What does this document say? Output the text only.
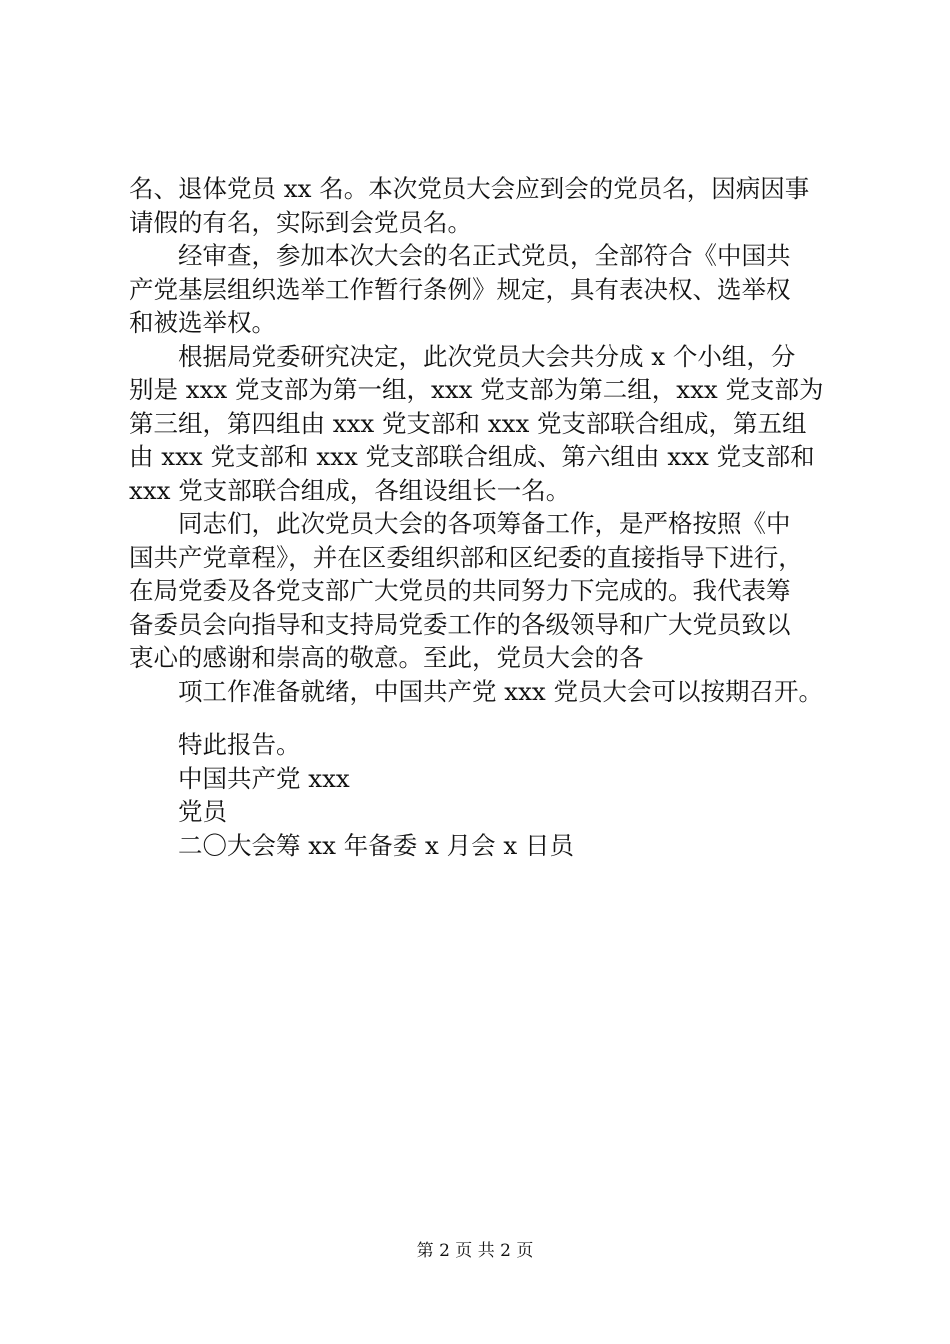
名、退体党员 xx 名。本次党员大会应到会的党员名，因病因事
请假的有名，实际到会党员名。
经审查，参加本次大会的名正式党员，全部符合《中国共
产党基层组织选举工作暂行条例》规定，具有表决权、选举权
和被选举权。
根据局党委研究决定，此次党员大会共分成 x 个小组，分
别是 xxx 党支部为第一组，xxx 党支部为第二组，xxx 党支部为
第三组，第四组由 xxx 党支部和 xxx 党支部联合组成，第五组
由 xxx 党支部和 xxx 党支部联合组成、第六组由 xxx 党支部和
xxx 党支部联合组成，各组设组长一名。
同志们，此次党员大会的各项筹备工作，是严格按照《中
国共产党章程》，并在区委组织部和区纪委的直接指导下进行，
在局党委及各党支部广大党员的共同努力下完成的。我代表筹
备委员会向指导和支持局党委工作的各级领导和广大党员致以
衷心的感谢和崇高的敬意。至此，党员大会的各
项工作准备就绪，中国共产党 xxx 党员大会可以按期召开。
特此报告。
中国共产党 xxx
党员
二〇大会筹 xx 年备委 x 月会 x 日员
第 2 页 共 2 页
